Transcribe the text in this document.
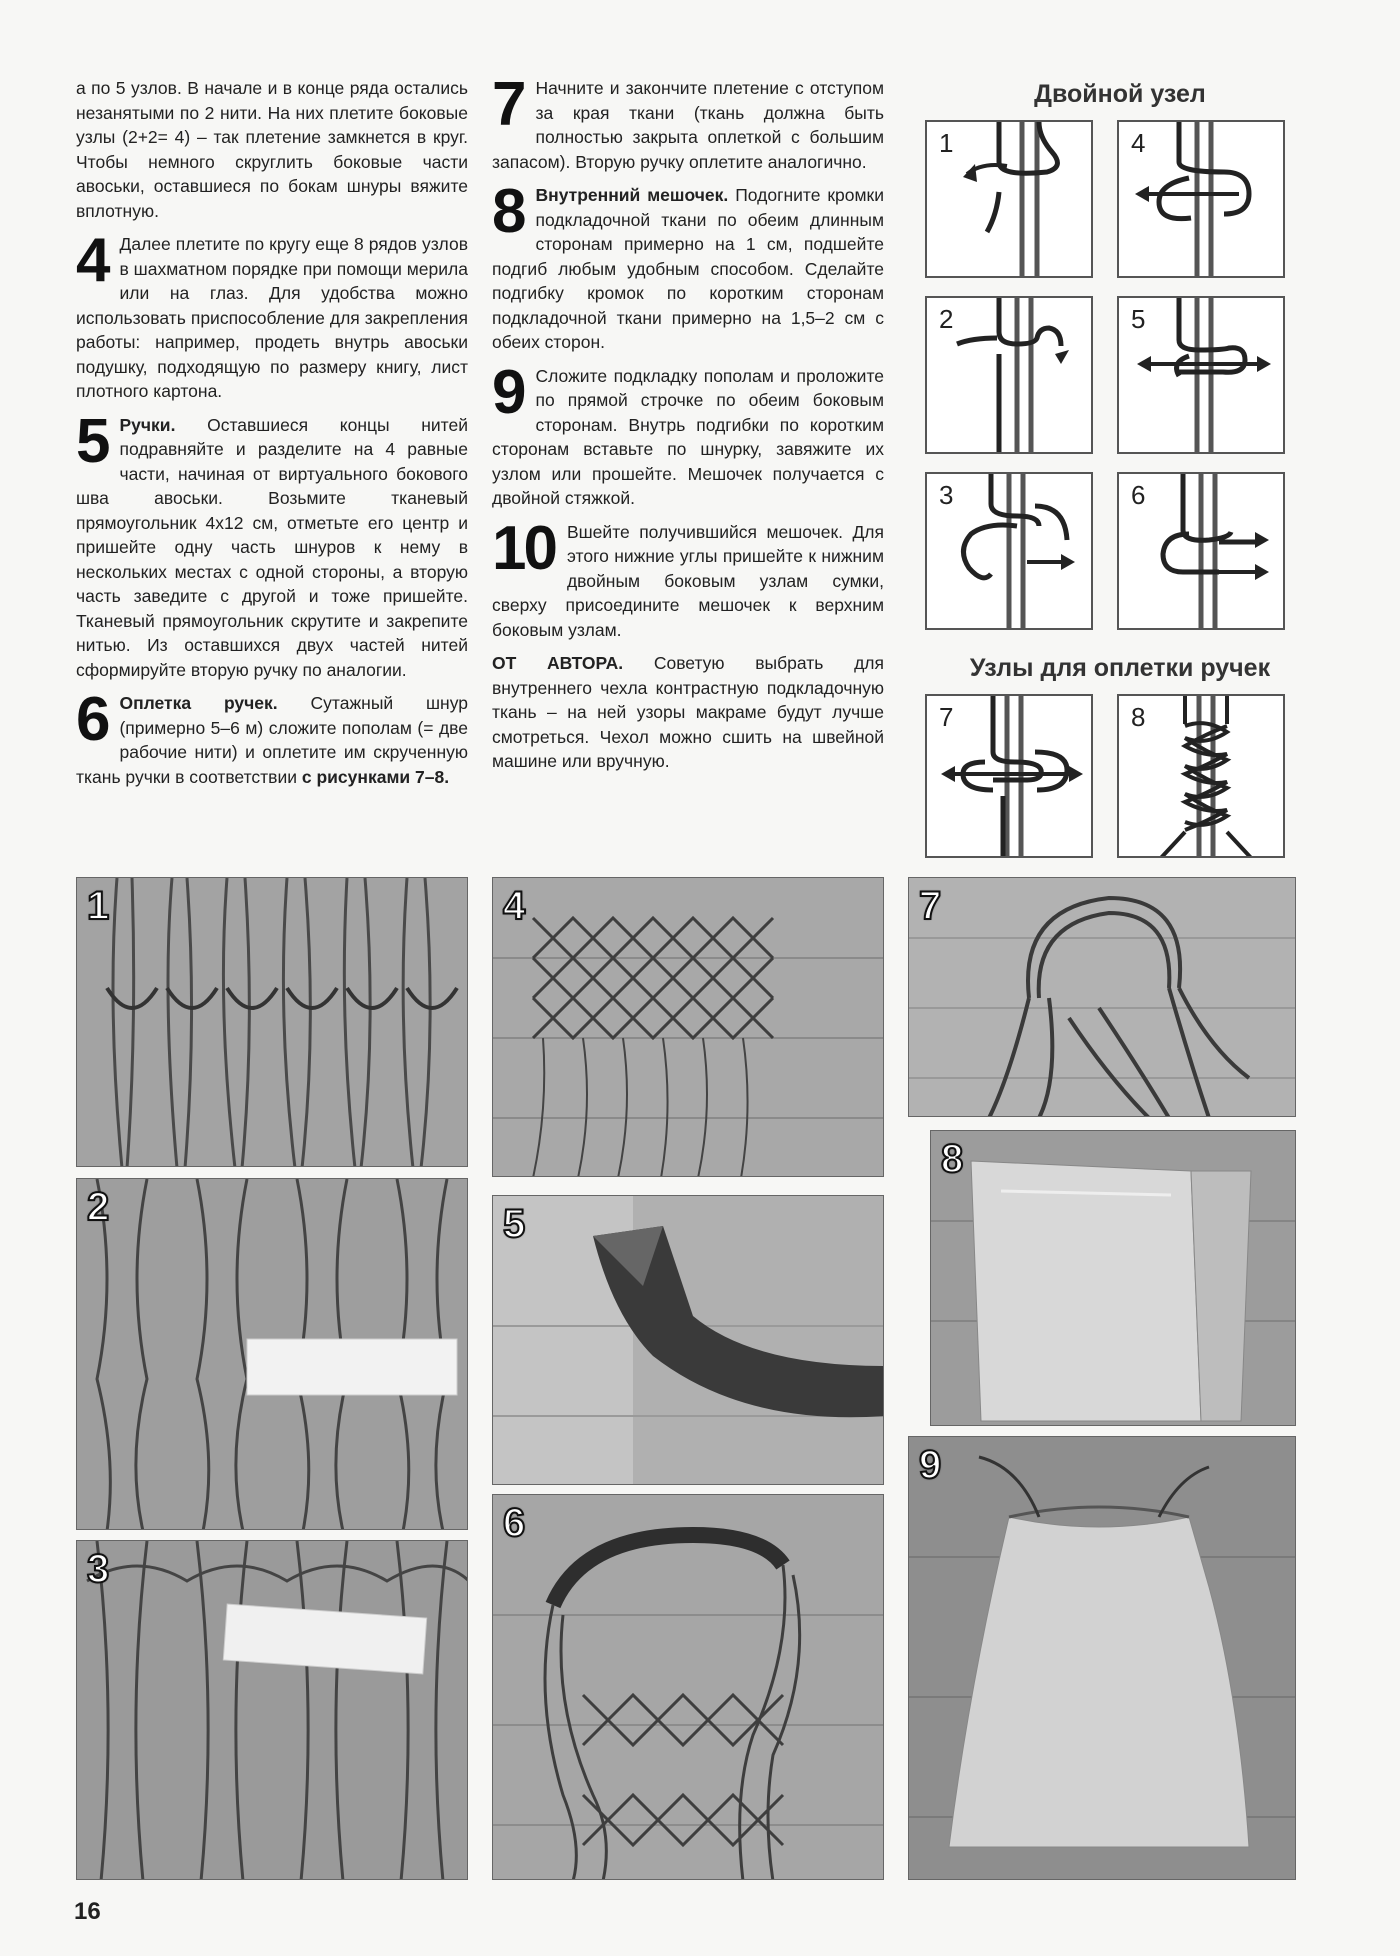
а по 5 узлов. В начале и в конце ряда остались незанятыми по 2 нити. На них плетите боковые узлы (2+2= 4) – так плетение замкнется в круг. Чтобы немного скруглить боковые части авоськи, оставшиеся по бокам шнуры вяжите вплотную.

4 Далее плетите по кругу еще 8 рядов узлов в шахматном порядке при помощи мерила или на глаз. Для удобства можно использовать приспособление для закрепления работы: например, продеть внутрь авоськи подушку, подходящую по размеру книгу, лист плотного картона.
5 Ручки. Оставшиеся концы нитей подравняйте и разделите на 4 равные части, начиная от виртуального бокового шва авоськи. Возьмите тканевый прямоугольник 4х12 см, отметьте его центр и пришейте одну часть шнуров к нему в нескольких местах с одной стороны, а вторую часть заведите с другой и тоже пришейте. Тканевый прямоугольник скрутите и закрепите нитью. Из оставшихся двух частей нитей сформируйте вторую ручку по аналогии.
6 Оплетка ручек. Сутажный шнур (примерно 5–6 м) сложите пополам (= две рабочие нити) и оплетите им скрученную ткань ручки в соответствии с рисунками 7–8.
7 Начните и закончите плетение с отступом за края ткани (ткань должна быть полностью закрыта оплеткой с большим запасом). Вторую ручку оплетите аналогично.
8 Внутренний мешочек. Подогните кромки подкладочной ткани по обеим длинным сторонам примерно на 1 см, подшейте подгиб любым удобным способом. Сделайте подгибку кромок по коротким сторонам подкладочной ткани примерно на 1,5–2 см с обеих сторон.
9 Сложите подкладку пополам и проложите по прямой строчке по обеим боковым сторонам. Внутрь подгибки по коротким сторонам вставьте по шнурку, завяжите их узлом или прошейте. Мешочек получается с двойной стяжкой.
10 Вшейте получившийся мешочек. Для этого нижние углы пришейте к нижним двойным боковым узлам сумки, сверху присоедините мешочек к верхним боковым узлам.

ОТ АВТОРА. Советую выбрать для внутреннего чехла контрастную подкладочную ткань – на ней узоры макраме будут лучше смотреться. Чехол можно сшить на швейной машине или вручную.

Двойной узел
1	4
2	5
3	6
Узлы для оплетки ручек
7	8
1
2
3
4
5
6
7
8
9
16
